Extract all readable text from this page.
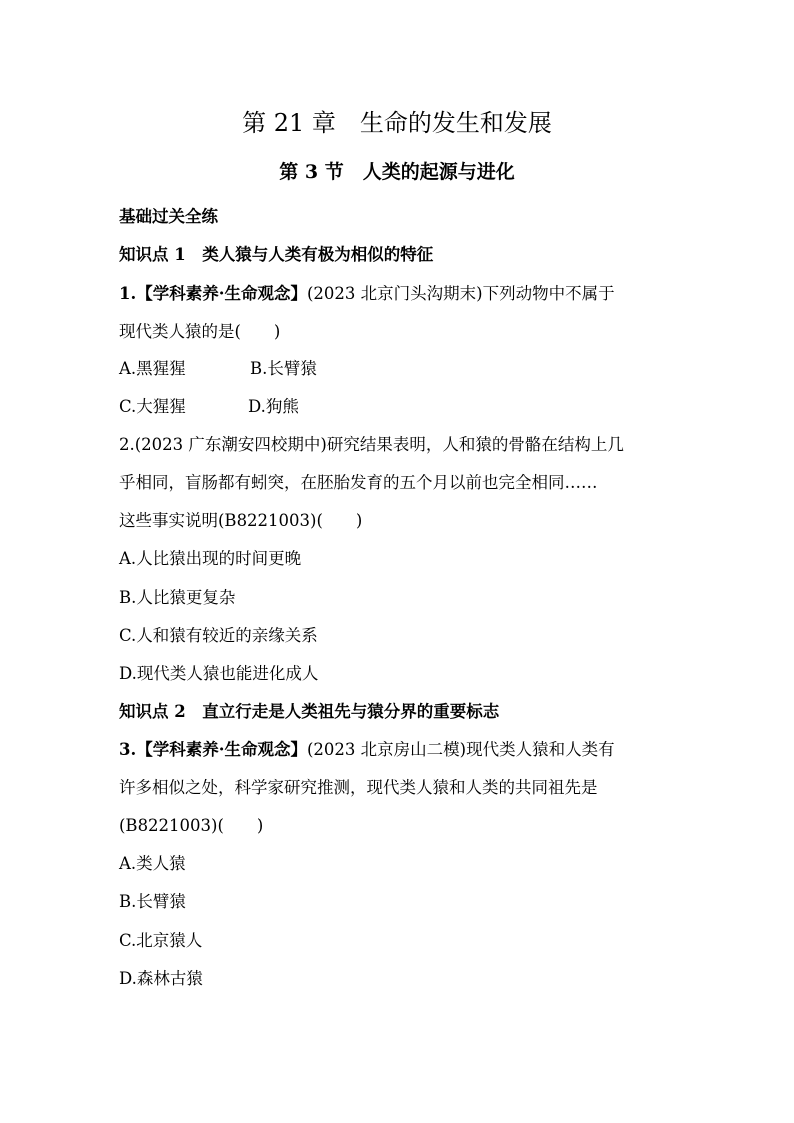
第 21 章　生命的发生和发展
第 3 节　人类的起源与进化
基础过关全练
知识点 1　 类人猿与人类有极为相似的特征
1.【学科素养·生命观念】(2023 北京门头沟期末)下列动物中不属于
现代类人猿的是(　　)
A.黑猩猩	B.长臂猿
C.大猩猩	D.狗熊
2.(2023 广东潮安四校期中)研究结果表明，人和猿的骨骼在结构上几
乎相同，盲肠都有蚓突，在胚胎发育的五个月以前也完全相同……
这些事实说明(B8221003)(　　)
A.人比猿出现的时间更晚
B.人比猿更复杂
C.人和猿有较近的亲缘关系
D.现代类人猿也能进化成人
知识点 2　 直立行走是人类祖先与猿分界的重要标志
3.【学科素养·生命观念】(2023 北京房山二模)现代类人猿和人类有
许多相似之处，科学家研究推测，现代类人猿和人类的共同祖先是
(B8221003)(　　)
A.类人猿
B.长臂猿
C.北京猿人
D.森林古猿
